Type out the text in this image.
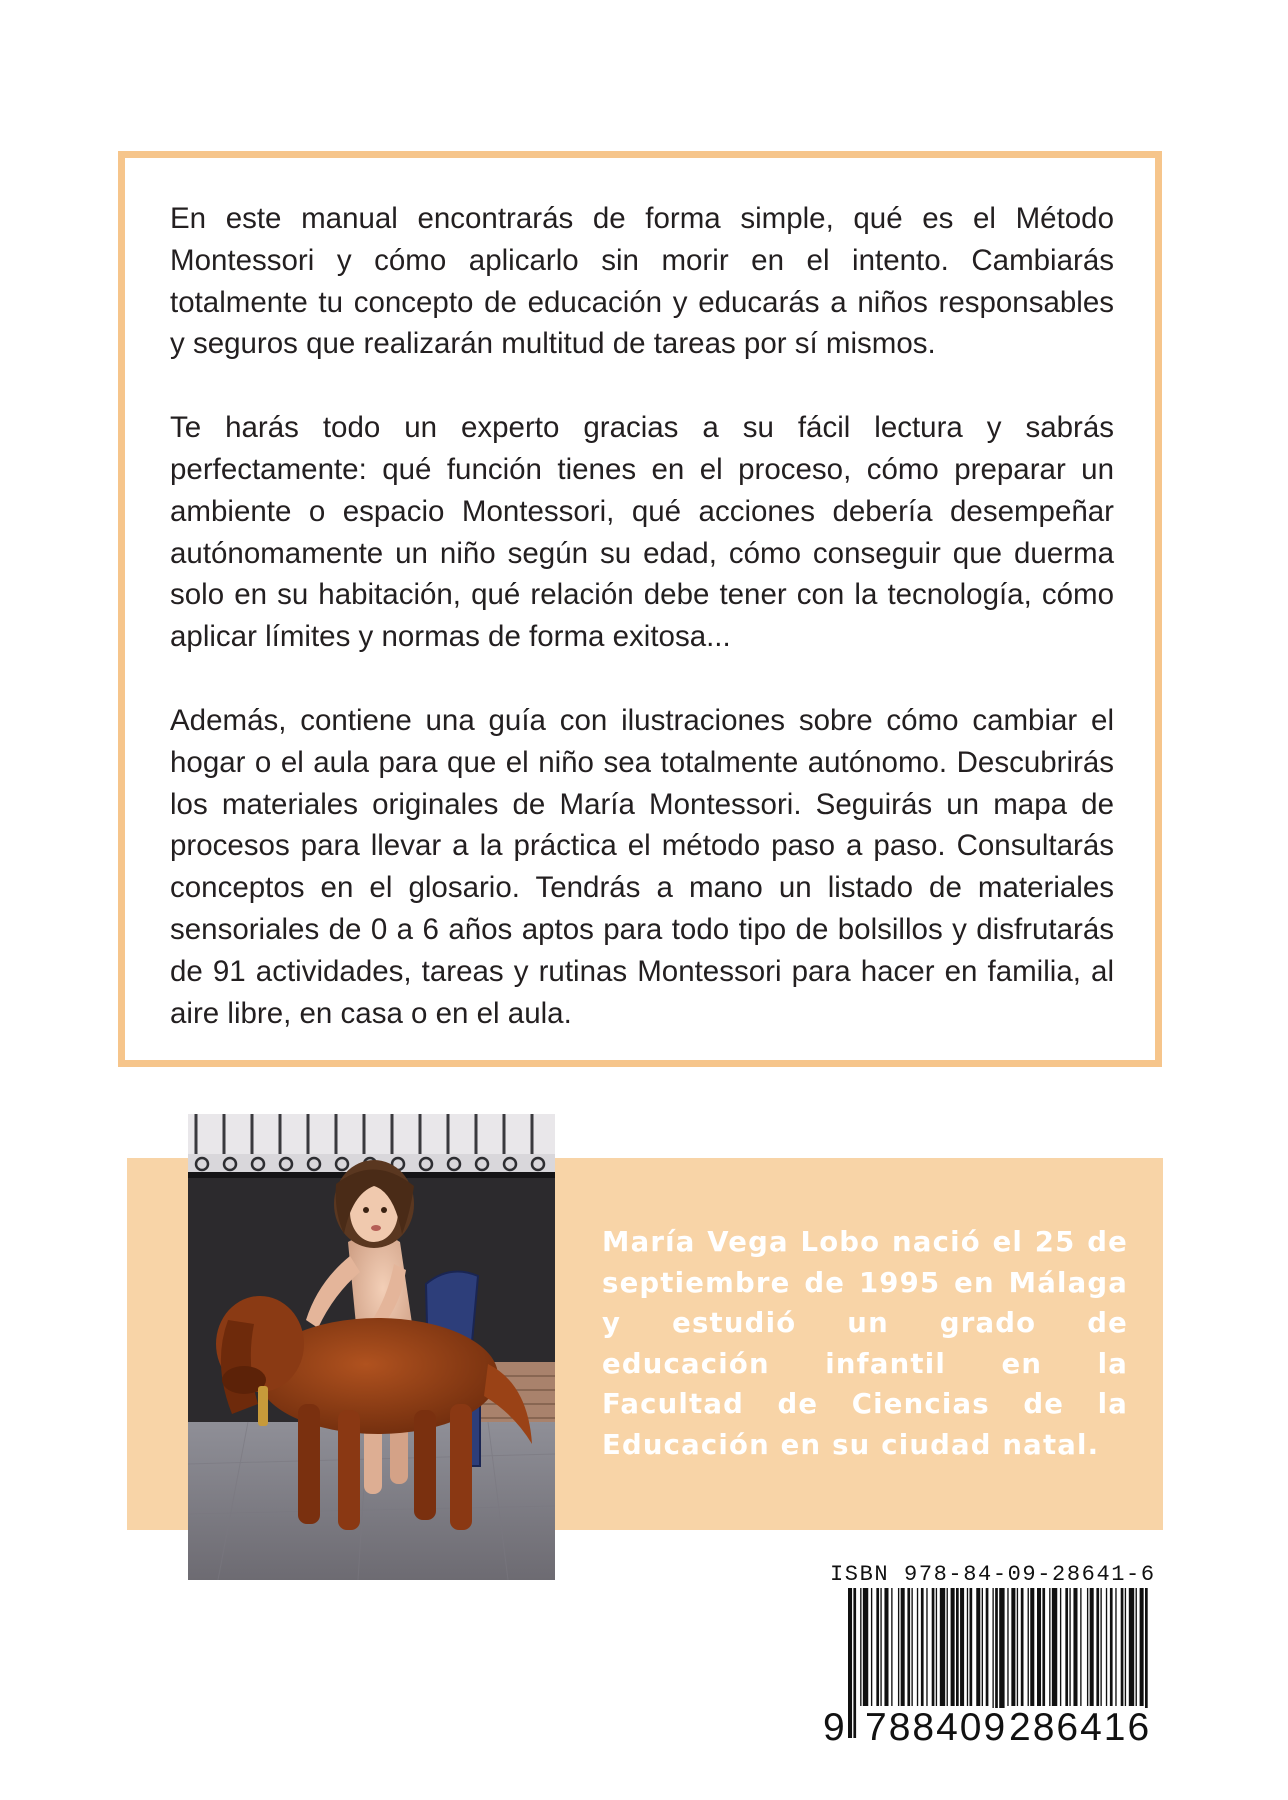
En este manual encontrarás de forma simple, qué es el Método Montessori y cómo aplicarlo sin morir en el intento. Cambiarás totalmente tu concepto de educación y educarás a niños responsables y seguros que realizarán multitud de tareas por sí mismos.

Te harás todo un experto gracias a su fácil lectura y sabrás perfectamente: qué función tienes en el proceso, cómo preparar un ambiente o espacio Montessori, qué acciones debería desempeñar autónomamente un niño según su edad, cómo conseguir que duerma solo en su habitación, qué relación debe tener con la tecnología, cómo aplicar límites y normas de forma exitosa...

Además, contiene una guía con ilustraciones sobre cómo cambiar el hogar o el aula para que el niño sea totalmente autónomo. Descubrirás los materiales originales de María Montessori. Seguirás un mapa de procesos para llevar a la práctica el método paso a paso. Consultarás conceptos en el glosario. Tendrás a mano un listado de materiales sensoriales de 0 a 6 años aptos para todo tipo de bolsillos y disfrutarás de 91 actividades, tareas y rutinas Montessori para hacer en familia, al aire libre, en casa o en el aula.

María Vega Lobo nació el 25 de septiembre de 1995 en Málaga y estudió un grado de educación infantil en la Facultad de Ciencias de la Educación en su ciudad natal.
ISBN 978-84-09-28641-6
9 788409 286416
